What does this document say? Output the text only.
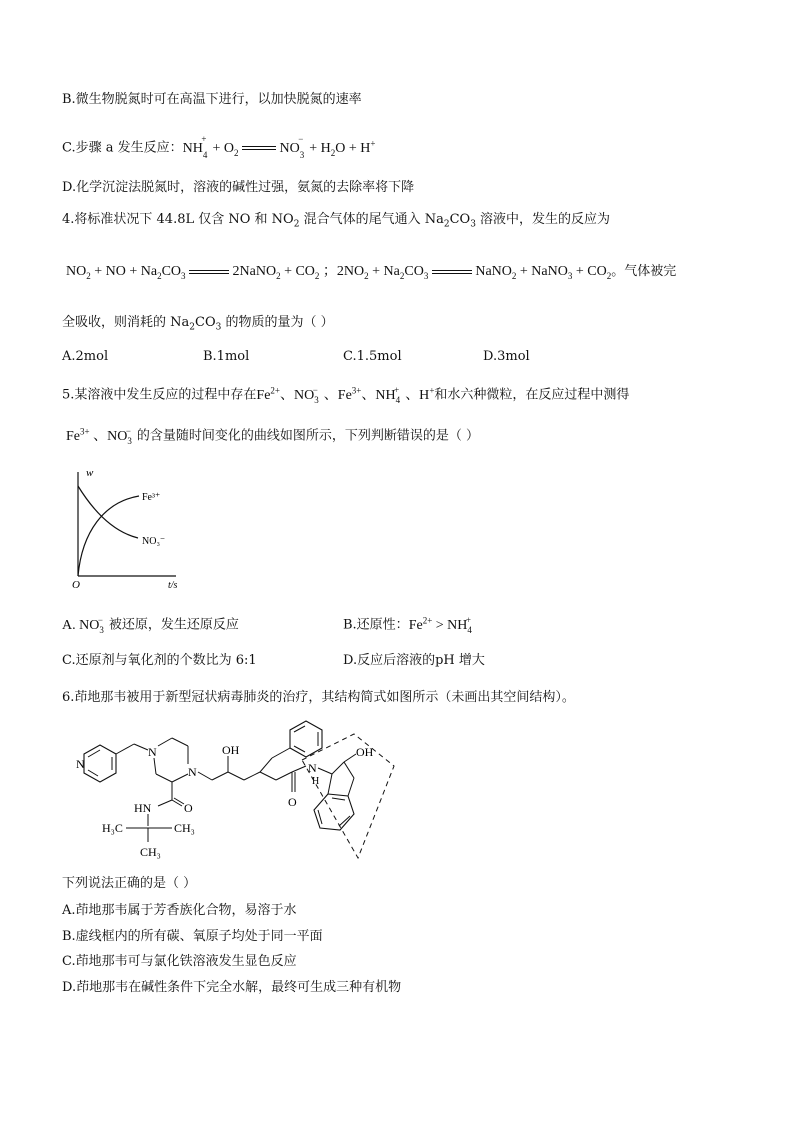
B.微生物脱氮时可在高温下进行，以加快脱氮的速率
C.步骤 a 发生反应：$NH_4^++ O_2$	$NO_3^-+ H_2O + H^+$
D.化学沉淀法脱氮时，溶液的碱性过强，氨氮的去除率将下降
4.将标准状况下 44.8L 仅含 NO 和 $NO_2$ 混合气体的尾气通入 $Na_2CO_3$ 溶液中，发生的反应为
$NO_2$ + NO + $Na_2CO_3$	2NaNO$_2$ + $CO_2$ ；$2NO_2 + Na_2CO_3$	NaNO$_2$ + NaNO$_3$ + $CO_2$。气体被完
全吸收，则消耗的 $Na_2CO_3$ 的物质的量为（ ）
A.2mol	B.1mol	C.1.5mol	D.3mol
5.某溶液中发生反应的过程中存在$Fe^{2+}$、$NO_3^-$ 、$Fe^{3+}$、$NH_4^+$ 、H+和水六种微粒，在反应过程中测得
$Fe^{3+}$ 、$NO_3^-$ 的含量随时间变化的曲线如图所示，下列判断错误的是（ ）
w
t/s
O
Fe³⁺
NO₃⁻
A. $NO_3^-$ 被还原，发生还原反应	B.还原性：$Fe^{2+} > NH_4^+$
C.还原剂与氧化剂的个数比为 6:1	D.反应后溶液的pH 增大
6.茚地那韦被用于新型冠状病毒肺炎的治疗，其结构简式如图所示（未画出其空间结构）。
N
N
N
O
HN
H₃C	CH₃
CH₃
OH
O
N
H
OH
下列说法正确的是（ ）
A.茚地那韦属于芳香族化合物，易溶于水
B.虚线框内的所有碳、氧原子均处于同一平面
C.茚地那韦可与氯化铁溶液发生显色反应
D.茚地那韦在碱性条件下完全水解，最终可生成三种有机物
